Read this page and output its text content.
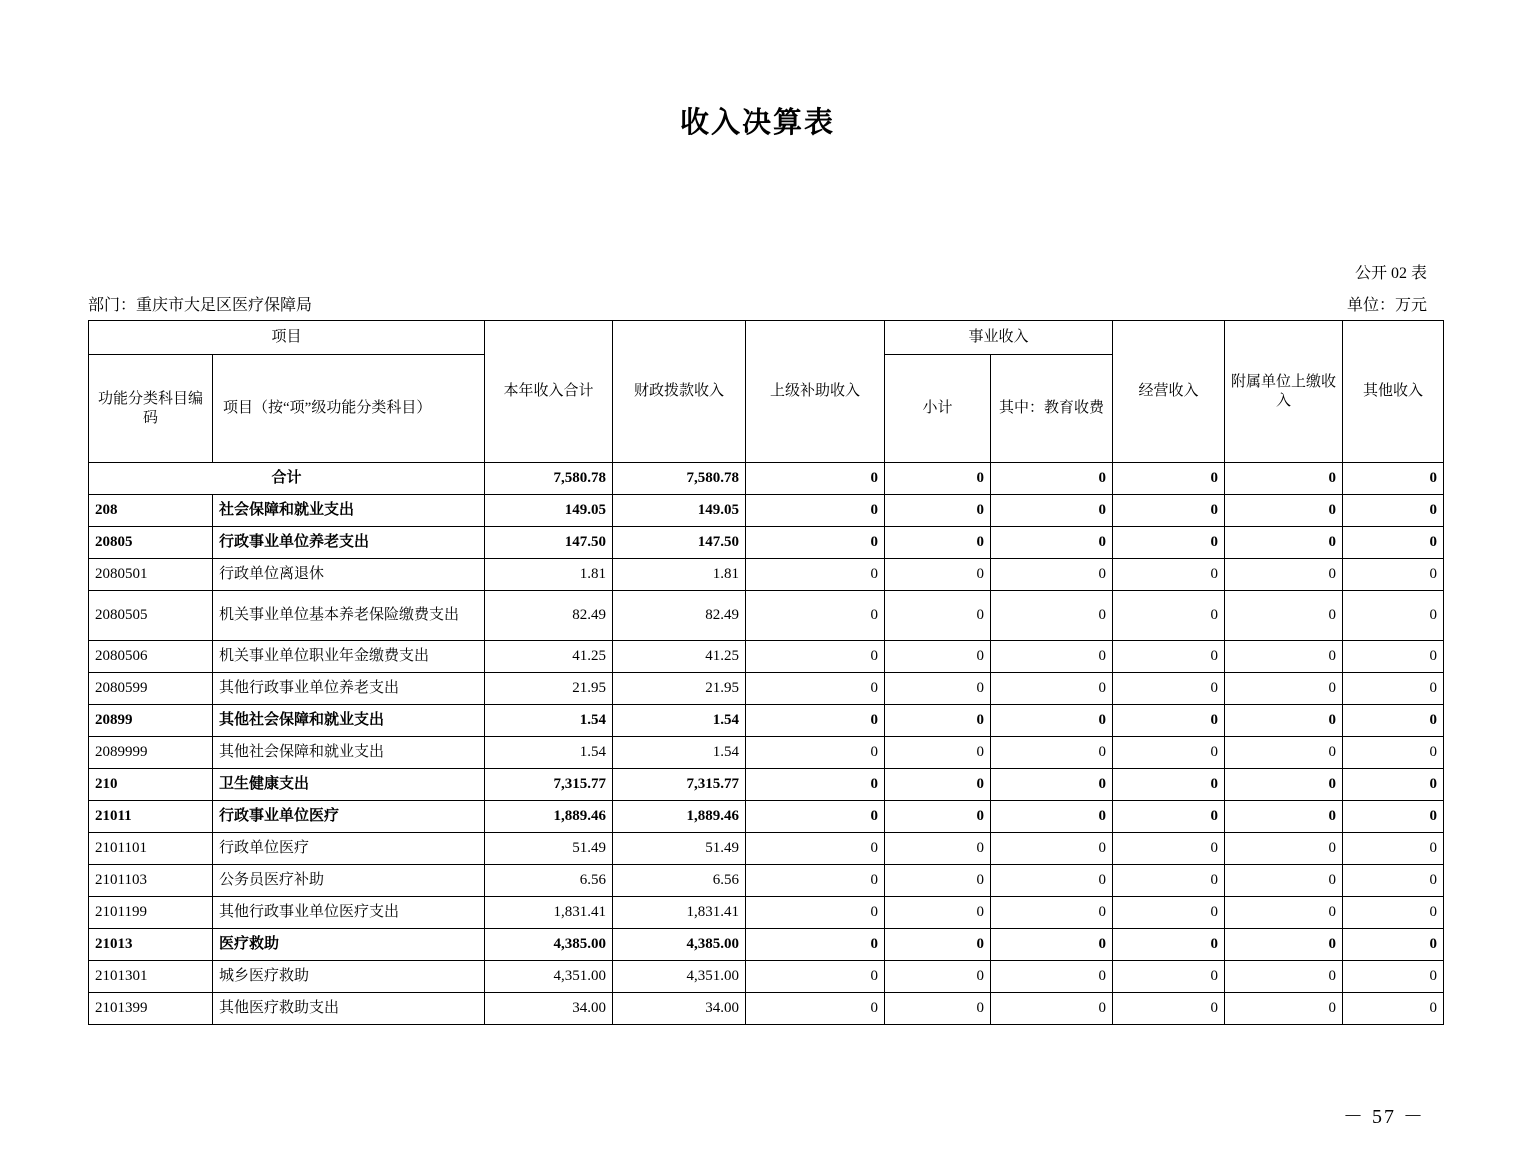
收入决算表
公开 02 表
部门：重庆市大足区医疗保障局	单位：万元
项目		本年收入合计	财政拨款收入	上级补助收入	事业收入		经营收入	附属单位上缴收入	其他收入
功能分类科目编码	项目（按“项”级功能分类科目）				小计	其中：教育收费			
合计		7,580.78	7,580.78	0	0	0	0	0	0
208	社会保障和就业支出	149.05	149.05	0	0	0	0	0	0
20805	行政事业单位养老支出	147.50	147.50	0	0	0	0	0	0
2080501	行政单位离退休	1.81	1.81	0	0	0	0	0	0
2080505	机关事业单位基本养老保险缴费支出	82.49	82.49	0	0	0	0	0	0
2080506	机关事业单位职业年金缴费支出	41.25	41.25	0	0	0	0	0	0
2080599	其他行政事业单位养老支出	21.95	21.95	0	0	0	0	0	0
20899	其他社会保障和就业支出	1.54	1.54	0	0	0	0	0	0
2089999	其他社会保障和就业支出	1.54	1.54	0	0	0	0	0	0
210	卫生健康支出	7,315.77	7,315.77	0	0	0	0	0	0
21011	行政事业单位医疗	1,889.46	1,889.46	0	0	0	0	0	0
2101101	行政单位医疗	51.49	51.49	0	0	0	0	0	0
2101103	公务员医疗补助	6.56	6.56	0	0	0	0	0	0
2101199	其他行政事业单位医疗支出	1,831.41	1,831.41	0	0	0	0	0	0
21013	医疗救助	4,385.00	4,385.00	0	0	0	0	0	0
2101301	城乡医疗救助	4,351.00	4,351.00	0	0	0	0	0	0
2101399	其他医疗救助支出	34.00	34.00	0	0	0	0	0	0
－ 57 －
